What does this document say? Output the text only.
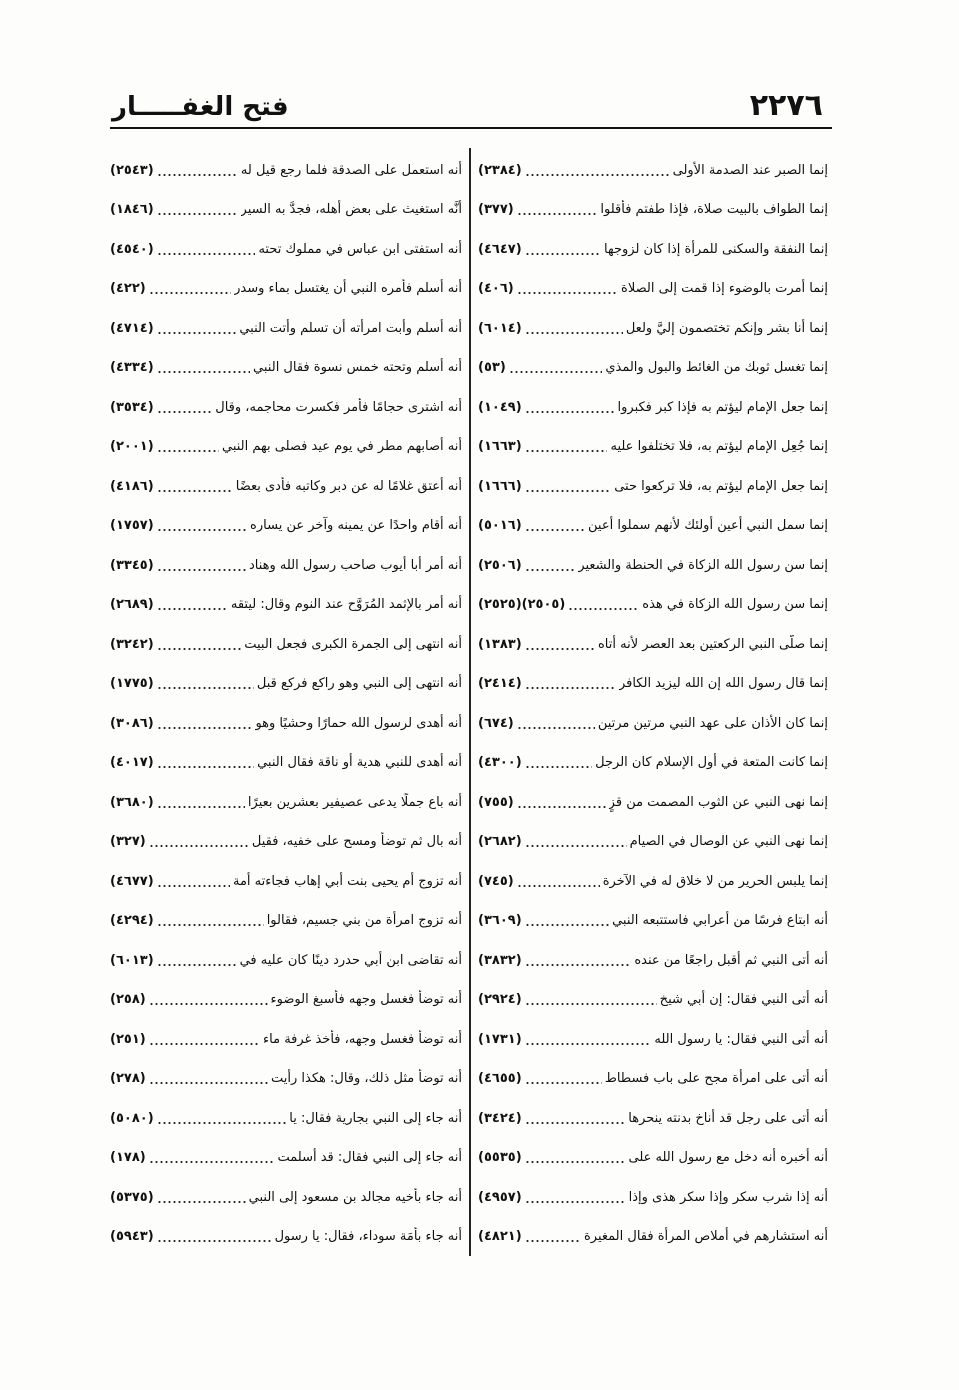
٢٢٧٦
فتح الغفـــــار
إنما الصبر عند الصدمة الأولى
(٢٣٨٤)
إنما الطواف بالبيت صلاة، فإذا طفتم فأقلوا
(٣٧٧)
إنما النفقة والسكنى للمرأة إذا كان لزوجها
(٤٦٤٧)
إنما أُمرت بالوضوء إذا قمت إلى الصلاة
(٤٠٦)
إنما أنا بشر وإنكم تختصمون إليَّ ولعل
(٦٠١٤)
إنما تغسل ثوبك من الغائط والبول والمذي
(٥٣)
إنما جعل الإمام ليؤتم به فإذا كبر فكبروا
(١٠٤٩)
إنما جُعِل الإمام ليؤتم به، فلا تختلفوا عليه
(١٦٦٣)
إنما جعل الإمام ليؤتم به، فلا تركعوا حتى
(١٦٦٦)
إنما سمل النبي أعين أولئك لأنهم سملوا أعين
(٥٠١٦)
إنما سن رسول الله الزكاة في الحنطة والشعير
(٢٥٠٦)
إنما سن رسول الله الزكاة في هذه
(٢٥٠٥)(٢٥٢٥)
إنما صلَّى النبي الركعتين بعد العصر لأنه أتاه
(١٣٨٣)
إنما قال رسول الله إن الله ليزيد الكافر
(٢٤١٤)
إنما كان الأذان على عهد النبي مرتين مرتين
(٦٧٤)
إنما كانت المتعة في أول الإسلام كان الرجل
(٤٣٠٠)
إنما نهى النبي عن الثوب المصمت من قزٍ
(٧٥٥)
إنما نهى النبي عن الوصال في الصيام
(٢٦٨٢)
إنما يلبس الحرير من لا خلاق له في الآخرة
(٧٤٥)
أنه ابتاع فرسًا من أعرابي فاستتبعه النبي
(٣٦٠٩)
أنه أتى النبي ثم أقبل راجعًا من عنده
(٣٨٣٢)
أنه أتى النبي فقال: إن أبي شيخ
(٢٩٢٤)
أنه أتى النبي فقال: يا رسول الله
(١٧٣١)
أنه أتى على امرأة مجح على باب فسطاط
(٤٦٥٥)
أنه أتى على رجل قد أناخ بدنته ينحرها
(٣٤٢٤)
أنه أخبره أنه دخل مع رسول الله على
(٥٥٣٥)
أنه إذا شرب سكر وإذا سكر هذى وإذا
(٤٩٥٧)
أنه استشارهم في أملاص المرأة فقال المغيرة
(٤٨٢١)
أنه استعمل على الصدقة فلما رجع قيل له
(٢٥٤٣)
أنَّه استغيث على بعض أهله، فجدَّ به السير
(١٨٤٦)
أنه استفتى ابن عباس في مملوك تحته
(٤٥٤٠)
أنه أسلم فأمره النبي أن يغتسل بماء وسدر
(٤٢٢)
أنه أسلم وأبت امرأته أن تسلم وأتت النبي
(٤٧١٤)
أنه أسلم وتحته خمس نسوة فقال النبي
(٤٣٣٤)
أنه اشترى حجامًا فأمر فكسرت محاجمه، وقال
(٣٥٣٤)
أنه أصابهم مطر في يوم عيد فصلى بهم النبي
(٢٠٠١)
أنه أعتق غلامًا له عن دبر وكاتبه فأدى بعضًا
(٤١٨٦)
أنه أقام واحدًا عن يمينه وآخر عن يساره
(١٧٥٧)
أنه أمر أبا أيوب صاحب رسول الله وهناد
(٣٣٤٥)
أنه أمر بالإثمد المُرَوَّح عند النوم وقال: ليتقه
(٢٦٨٩)
أنه انتهى إلى الجمرة الكبرى فجعل البيت
(٣٢٤٢)
أنه انتهى إلى النبي وهو راكع فركع قبل
(١٧٧٥)
أنه أهدى لرسول الله حمارًا وحشيًا وهو
(٣٠٨٦)
أنه أهدى للنبي هدية أو ناقة فقال النبي
(٤٠١٧)
أنه باع جملًا يدعى عصيفير بعشرين بعيرًا
(٣٦٨٠)
أنه بال ثم توضأ ومسح على خفيه، فقيل
(٣٢٧)
أنه تزوج أم يحيى بنت أبي إهاب فجاءته أمة
(٤٦٧٧)
أنه تزوج امرأة من بني جسيم، فقالوا
(٤٢٩٤)
أنه تقاضى ابن أبي حدرد دينًا كان عليه في
(٦٠١٣)
أنه توضأ فغسل وجهه فأسبغ الوضوء
(٢٥٨)
أنه توضأ فغسل وجهه، فأخذ غرفة ماء
(٢٥١)
أنه توضأ مثل ذلك، وقال: هكذا رأيت
(٢٧٨)
أنه جاء إلى النبي بجارية فقال: يا
(٥٠٨٠)
أنه جاء إلى النبي فقال: قد أسلمت
(١٧٨)
أنه جاء بأخيه مجالد بن مسعود إلى النبي
(٥٣٧٥)
أنه جاء بأَمَة سوداء، فقال: يا رسول
(٥٩٤٣)
